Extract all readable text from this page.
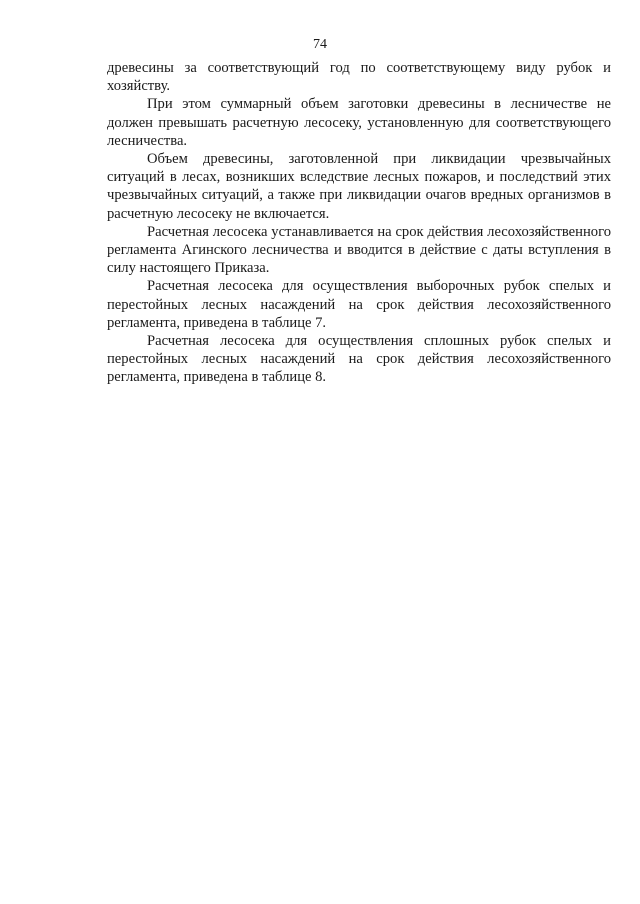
74

древесины за соответствующий год по соответствующему виду рубок и хозяйству.

При этом суммарный объем заготовки древесины в лесничестве не должен превышать расчетную лесосеку, установленную для соответствующего лесничества.

Объем древесины, заготовленной при ликвидации чрезвычайных ситуаций в лесах, возникших вследствие лесных пожаров, и последствий этих чрезвычайных ситуаций, а также при ликвидации очагов вредных организмов в расчетную лесосеку не включается.

Расчетная лесосека устанавливается на срок действия лесохозяйственного регламента Агинского лесничества и вводится в действие с даты вступления в силу настоящего Приказа.

Расчетная лесосека для осуществления выборочных рубок спелых и перестойных лесных насаждений на срок действия лесохозяйственного регламента, приведена в таблице 7.

Расчетная лесосека для осуществления сплошных рубок спелых и перестойных лесных насаждений на срок действия лесохозяйственного регламента, приведена в таблице 8.
